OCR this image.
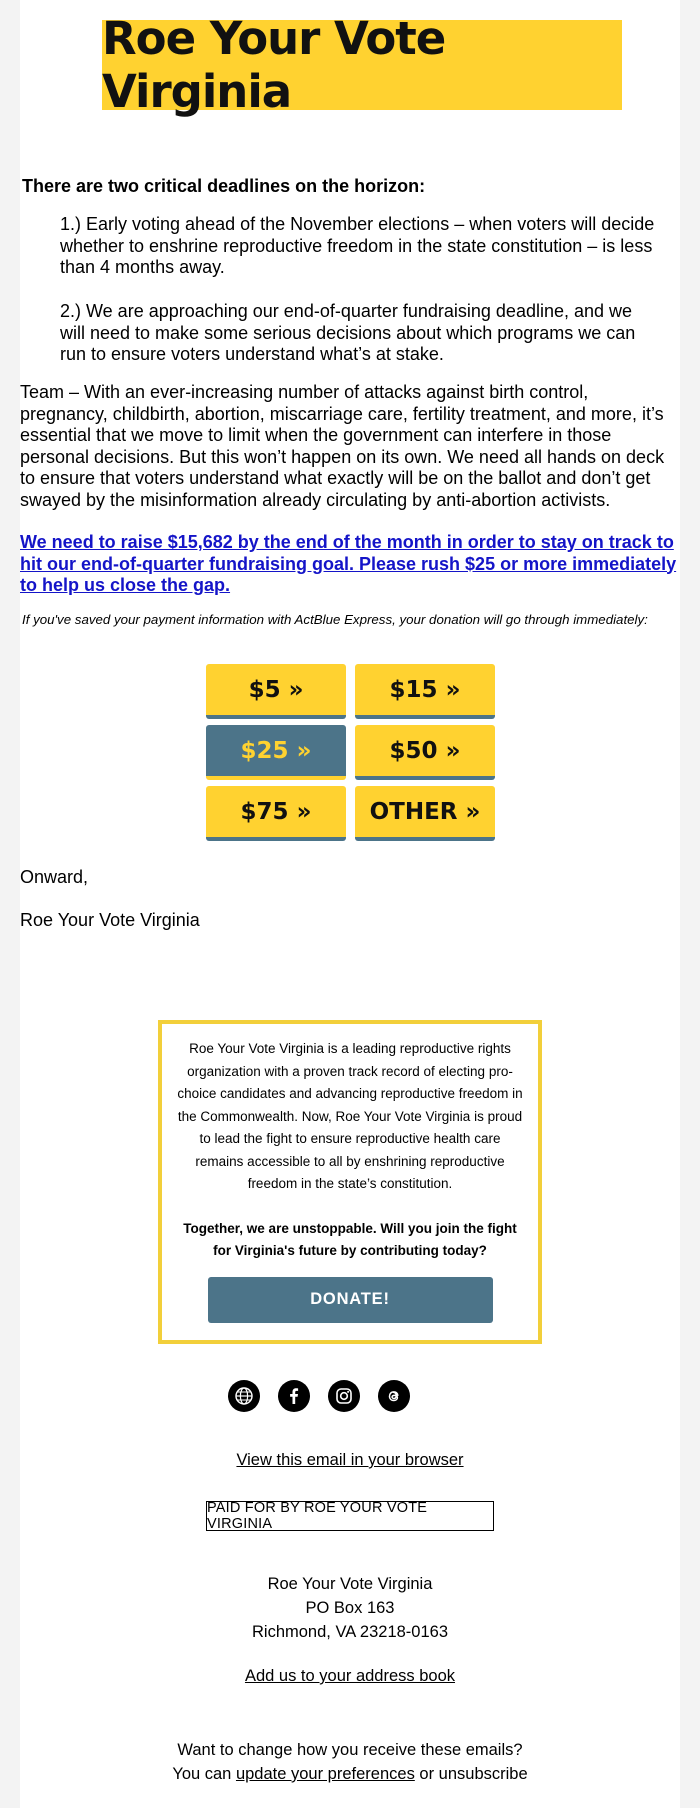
Roe Your Vote Virginia
There are two critical deadlines on the horizon:
1.) Early voting ahead of the November elections – when voters will decide whether to enshrine reproductive freedom in the state constitution – is less than 4 months away.
2.) We are approaching our end-of-quarter fundraising deadline, and we will need to make some serious decisions about which programs we can run to ensure voters understand what’s at stake.
Team – With an ever-increasing number of attacks against birth control, pregnancy, childbirth, abortion, miscarriage care, fertility treatment, and more, it’s essential that we move to limit when the government can interfere in those personal decisions. But this won’t happen on its own. We need all hands on deck to ensure that voters understand what exactly will be on the ballot and don’t get swayed by the misinformation already circulating by anti-abortion activists.
We need to raise $15,682 by the end of the month in order to stay on track to hit our end-of-quarter fundraising goal. Please rush $25 or more immediately to help us close the gap.
If you've saved your payment information with ActBlue Express, your donation will go through immediately:
$5 »	$15 »
$25 »	$50 »
$75 »	OTHER »
Onward,
Roe Your Vote Virginia

Roe Your Vote Virginia is a leading reproductive rights organization with a proven track record of electing pro-choice candidates and advancing reproductive freedom in the Commonwealth. Now, Roe Your Vote Virginia is proud to lead the fight to ensure reproductive health care remains accessible to all by enshrining reproductive freedom in the state’s constitution.

Together, we are unstoppable. Will you join the fight for Virginia's future by contributing today?

DONATE!
View this email in your browser
PAID FOR BY ROE YOUR VOTE VIRGINIA
Roe Your Vote Virginia
PO Box 163
Richmond, VA 23218-0163
Add us to your address book
Want to change how you receive these emails?
You can update your preferences or unsubscribe
